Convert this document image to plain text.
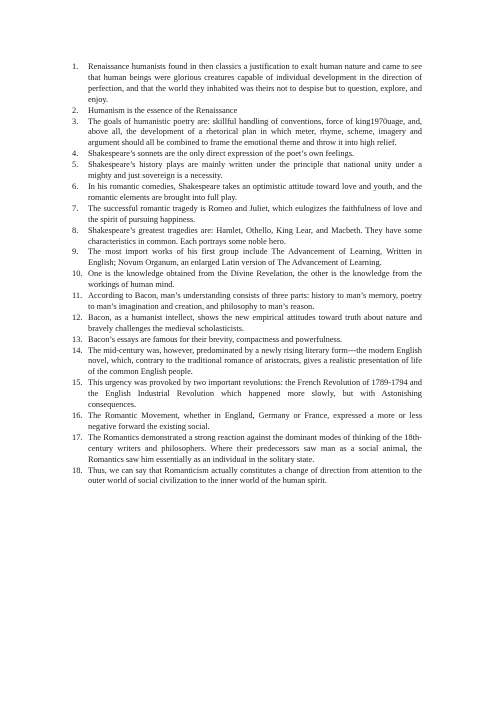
1.	Renaissance humanists found in then classics a justification to exalt human nature and came to see that human beings were glorious creatures capable of individual development in the direction of perfection, and that the world they inhabited was theirs not to despise but to question, explore, and enjoy.
2.	Humanism is the essence of the Renaissance
3.	The goals of humanistic poetry are: skillful handling of conventions, force of king1970uage, and, above all, the development of a rhetorical plan in which meter, rhyme, scheme, imagery and argument should all be combined to frame the emotional theme and throw it into high relief.
4.	Shakespeare’s sonnets are the only direct expression of the poet’s own feelings.
5.	Shakespeare’s history plays are mainly written under the principle that national unity under a mighty and just sovereign is a necessity.
6.	In his romantic comedies, Shakespeare takes an optimistic attitude toward love and youth, and the romantic elements are brought into full play.
7.	The successful romantic tragedy is Romeo and Juliet, which eulogizes the faithfulness of love and the spirit of pursuing happiness.
8.	Shakespeare’s greatest tragedies are: Hamlet, Othello, King Lear, and Macbeth. They have some characteristics in common. Each portrays some noble hero.
9.	The most import works of his first group include The Advancement of Learning, Written in English; Novum Organum, an enlarged Latin version of The Advancement of Learning.
10. One is the knowledge obtained from the Divine Revelation, the other is the knowledge from the workings of human mind.
11. According to Bacon, man’s understanding consists of three parts: history to man’s memory, poetry to man’s imagination and creation, and philosophy to man’s reason.
12. Bacon, as a humanist intellect, shows the new empirical attitudes toward truth about nature and bravely challenges the medieval scholasticists.
13. Bacon’s essays are famous for their brevity, compactness and powerfulness.
14. The mid-century was, however, predominated by a newly rising literary form---the modern English novel, which, contrary to the traditional romance of aristocrats, gives a realistic presentation of life of the common English people.
15. This urgency was provoked by two important revolutions: the French Revolution of 1789-1794 and the English Industrial Revolution which happened more slowly, but with Astonishing consequences.
16. The Romantic Movement, whether in England, Germany or France, expressed a more or less negative forward the existing social.
17. The Romantics demonstrated a strong reaction against the dominant modes of thinking of the 18th-century writers and philosophers. Where their predecessors saw man as a social animal, the Romantics saw him essentially as an individual in the solitary state.
18. Thus, we can say that Romanticism actually constitutes a change of direction from attention to the outer world of social civilization to the inner world of the human spirit.
